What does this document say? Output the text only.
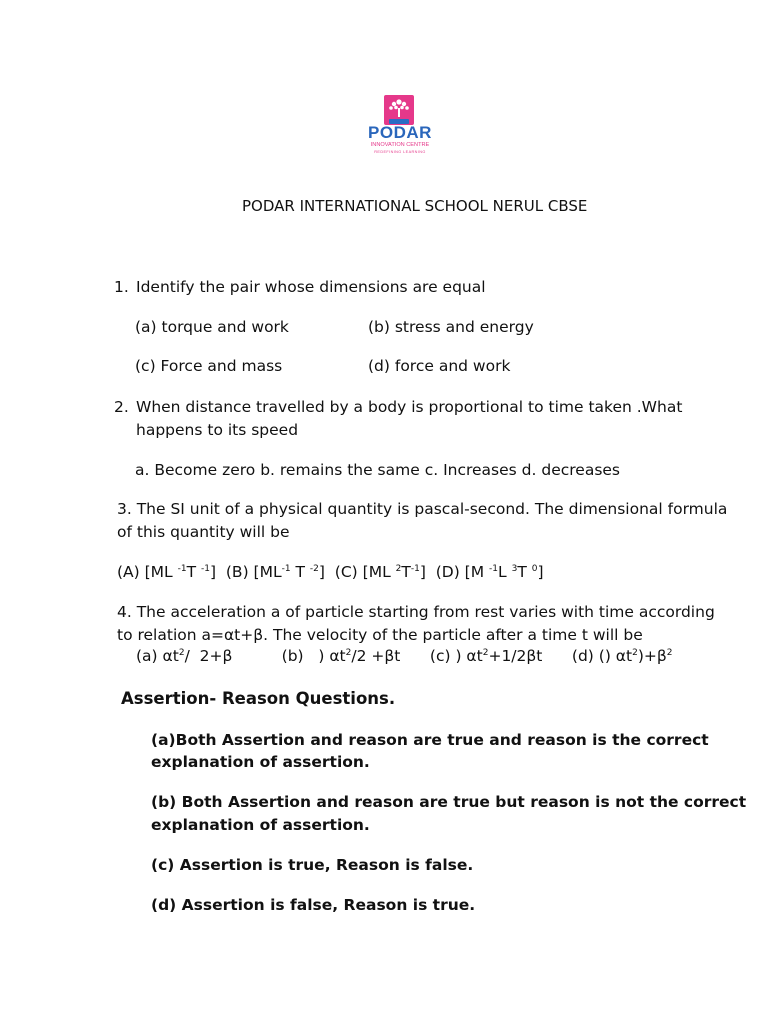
PODAR
INNOVATION CENTRE
REDEFINING LEARNING
PODAR INTERNATIONAL SCHOOL NERUL CBSE
1. Identify the pair whose dimensions are equal
(a) torque and work	(b) stress and energy
(c) Force and mass	(d) force and work
2. When distance travelled by a body is proportional to time taken .What
happens to its speed
a. Become zero b. remains the same c. Increases d. decreases
3. The SI unit of a physical quantity is pascal-second. The dimensional formula
of this quantity will be
(A) [ML $^{-1}$T $^{-1}$]  (B) [$ML^{-1}$ T $^{-2}$]  (C) [ML $^2T^{-1}$]  (D) [M $^{-1}$L $^3$T $^0$]
4. The acceleration a of particle starting from rest varies with time according
to relation a=αt+β. The velocity of the particle after a time t will be
(a) $\alpha t^2/$  2+β          (b)   ) $\alpha t^2/2 +\beta t$      (c) ) $\alpha t^2+1/2\beta t$      (d) () $\alpha t^2)+\beta^2$
Assertion- Reason Questions.
(a)Both Assertion and reason are true and reason is the correct
explanation of assertion.
(b) Both Assertion and reason are true but reason is not the correct
explanation of assertion.
(c) Assertion is true, Reason is false.
(d) Assertion is false, Reason is true.
